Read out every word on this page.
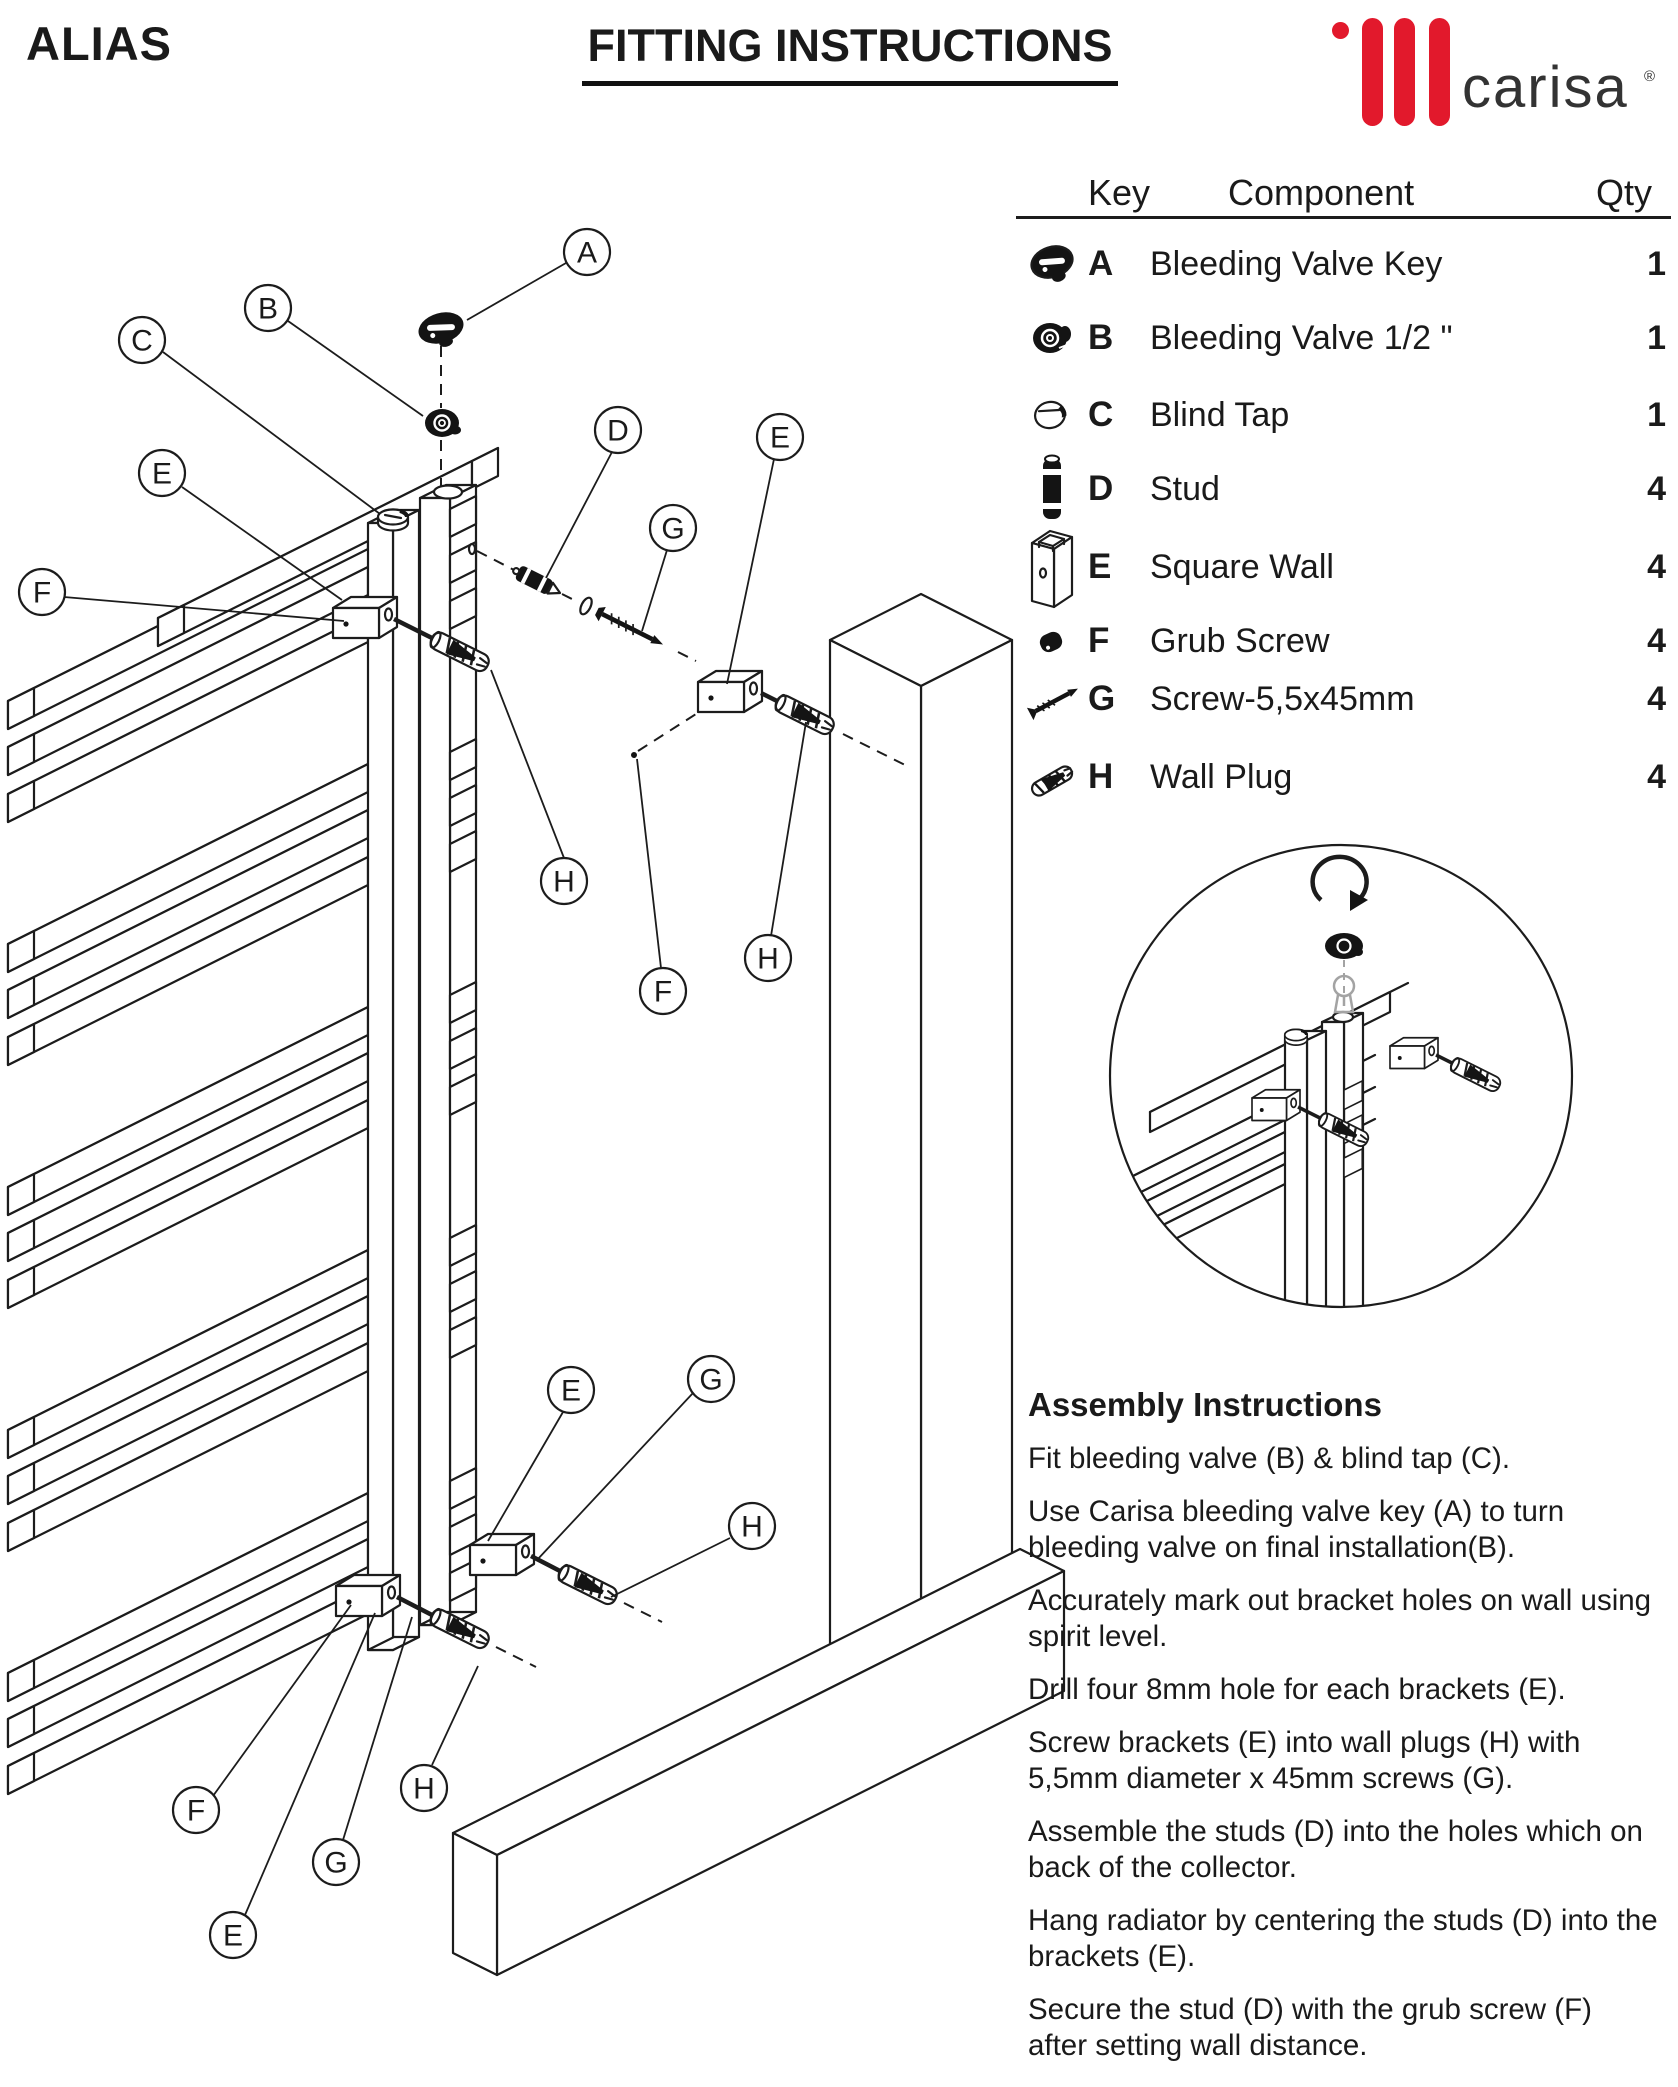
ALIAS	FITTING INSTRUCTIONS
carisa ®
Key Component	Qty
A	Bleeding Valve Key	1
B	Bleeding Valve 1/2 "	1
C	Blind Tap	1
D	Stud	4
E	Square Wall	4
F	Grub Screw	4
G	Screw-5,5x45mm	4
H	Wall Plug	4
A
B
C
E
F
D
G
E
H
F
H
E	G
H
F
G
E
H
Assembly Instructions

Fit bleeding valve (B) & blind tap (C).

Use Carisa bleeding valve key (A) to turn bleeding valve on final installation(B).

Accurately mark out bracket holes on wall using spirit level.

Drill four 8mm hole for each brackets (E).

Screw brackets (E) into wall plugs (H) with 5,5mm diameter x 45mm screws (G).

Assemble the studs (D) into the holes which on back of the collector.

Hang radiator by centering the studs (D) into the brackets (E).

Secure the stud (D) with the grub screw (F) after setting wall distance.
